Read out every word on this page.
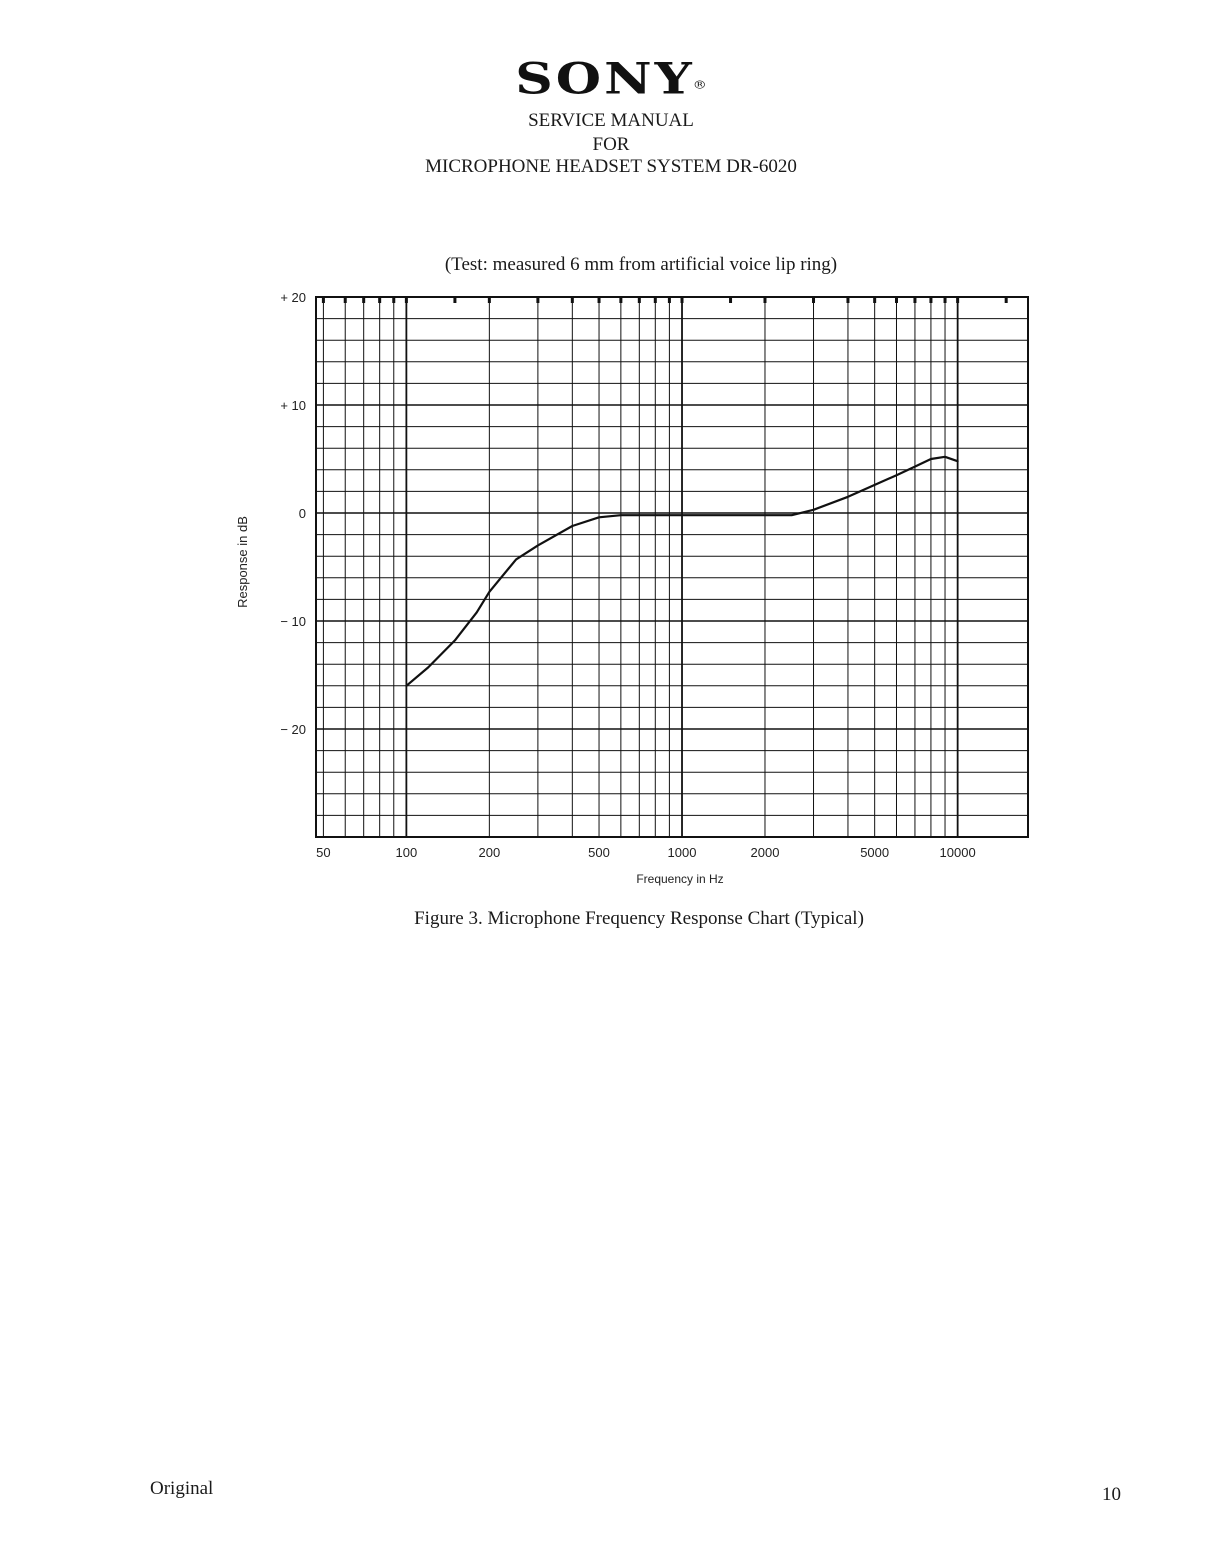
SONY®
SERVICE MANUAL
FOR
MICROPHONE HEADSET SYSTEM DR-6020
(Test: measured 6 mm from artificial voice lip ring)
+ 20
+ 10
0
− 10
− 20
50	100	200	500	1000	2000	5000	10000
Frequency in Hz
Response in dB
Figure 3. Microphone Frequency Response Chart (Typical)
Original	10
